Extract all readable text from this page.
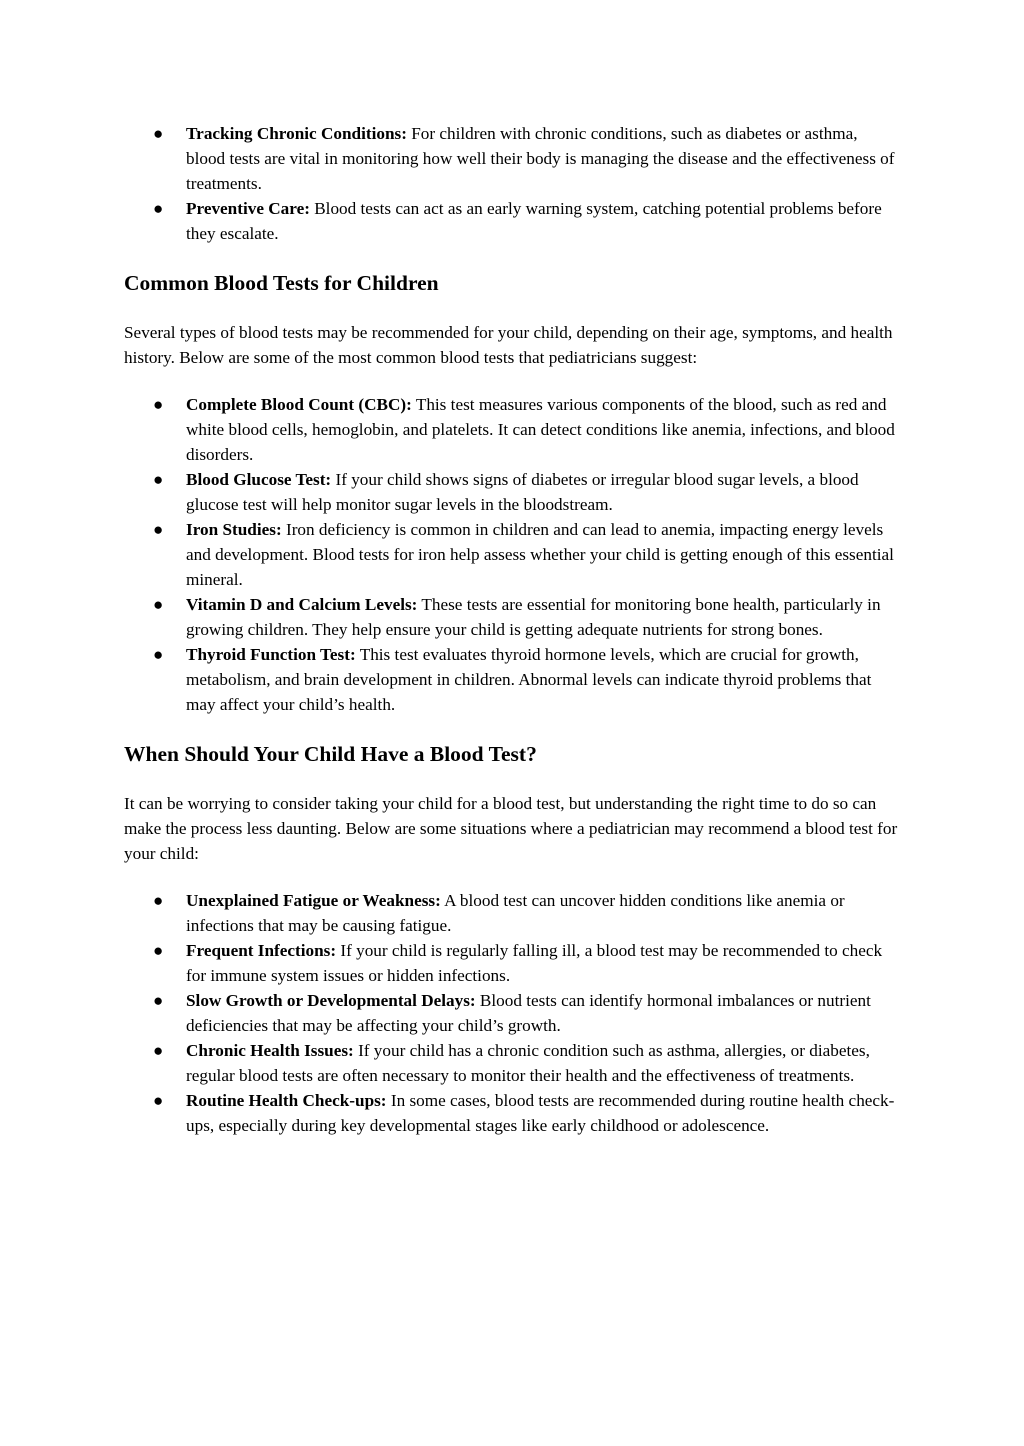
● Tracking Chronic Conditions: For children with chronic conditions, such as diabetes or asthma, blood tests are vital in monitoring how well their body is managing the disease and the effectiveness of treatments.
● Preventive Care: Blood tests can act as an early warning system, catching potential problems before they escalate.
Common Blood Tests for Children

Several types of blood tests may be recommended for your child, depending on their age, symptoms, and health history. Below are some of the most common blood tests that pediatricians suggest:

● Complete Blood Count (CBC): This test measures various components of the blood, such as red and white blood cells, hemoglobin, and platelets. It can detect conditions like anemia, infections, and blood disorders.
● Blood Glucose Test: If your child shows signs of diabetes or irregular blood sugar levels, a blood glucose test will help monitor sugar levels in the bloodstream.
● Iron Studies: Iron deficiency is common in children and can lead to anemia, impacting energy levels and development. Blood tests for iron help assess whether your child is getting enough of this essential mineral.
● Vitamin D and Calcium Levels: These tests are essential for monitoring bone health, particularly in growing children. They help ensure your child is getting adequate nutrients for strong bones.
● Thyroid Function Test: This test evaluates thyroid hormone levels, which are crucial for growth, metabolism, and brain development in children. Abnormal levels can indicate thyroid problems that may affect your child’s health.
When Should Your Child Have a Blood Test?

It can be worrying to consider taking your child for a blood test, but understanding the right time to do so can make the process less daunting. Below are some situations where a pediatrician may recommend a blood test for your child:

● Unexplained Fatigue or Weakness: A blood test can uncover hidden conditions like anemia or infections that may be causing fatigue.
● Frequent Infections: If your child is regularly falling ill, a blood test may be recommended to check for immune system issues or hidden infections.
● Slow Growth or Developmental Delays: Blood tests can identify hormonal imbalances or nutrient deficiencies that may be affecting your child’s growth.
● Chronic Health Issues: If your child has a chronic condition such as asthma, allergies, or diabetes, regular blood tests are often necessary to monitor their health and the effectiveness of treatments.
● Routine Health Check-ups: In some cases, blood tests are recommended during routine health check-ups, especially during key developmental stages like early childhood or adolescence.
